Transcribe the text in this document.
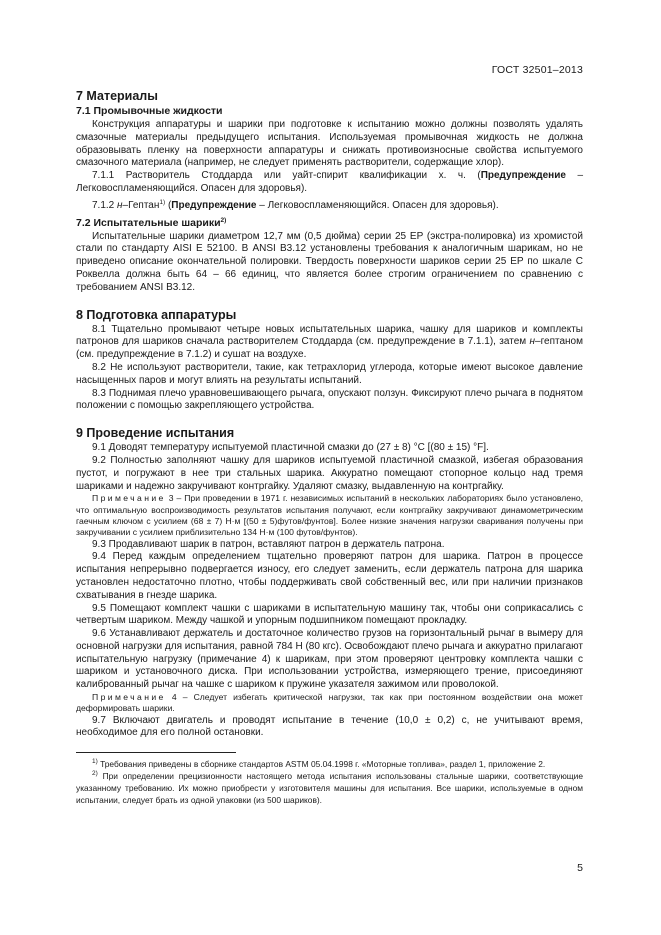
ГОСТ 32501–2013
7 Материалы
7.1 Промывочные жидкости

Конструкция аппаратуры и шарики при подготовке к испытанию можно должны позволять удалять смазочные материалы предыдущего испытания. Используемая промывочная жидкость не должна образовывать пленку на поверхности аппаратуры и снижать противоизносные свойства испытуемого смазочного материала (например, не следует применять растворители, содержащие хлор).

7.1.1 Растворитель Стоддарда или уайт-спирит квалификации х. ч. (Предупреждение – Легковоспламеняющийся. Опасен для здоровья).

7.1.2 н–Гептан$^{1)}$ (Предупреждение – Легковоспламеняющийся. Опасен для здоровья).

7.2 Испытательные шарики$^{2)}$

Испытательные шарики диаметром 12,7 мм (0,5 дюйма) серии 25 EP (экстра-полировка) из хромистой стали по стандарту AISI E 52100. В ANSI B3.12 установлены требования к аналогичным шарикам, но не приведено описание окончательной полировки. Твердость поверхности шариков серии 25 EP по шкале С Роквелла должна быть 64 – 66 единиц, что является более строгим ограничением по сравнению с требованием ANSI B3.12.

8 Подготовка аппаратуры

8.1 Тщательно промывают четыре новых испытательных шарика, чашку для шариков и комплекты патронов для шариков сначала растворителем Стоддарда (см. предупреждение в 7.1.1), затем н–гептаном (см. предупреждение в 7.1.2) и сушат на воздухе.

8.2 Не используют растворители, такие, как тетрахлорид углерода, которые имеют высокое давление насыщенных паров и могут влиять на результаты испытаний.

8.3 Поднимая плечо уравновешивающего рычага, опускают ползун. Фиксируют плечо рычага в поднятом положении с помощью закрепляющего устройства.

9 Проведение испытания

9.1 Доводят температуру испытуемой пластичной смазки до (27 ± 8) °С [(80 ± 15) °F].

9.2 Полностью заполняют чашку для шариков испытуемой пластичной смазкой, избегая образования пустот, и погружают в нее три стальных шарика. Аккуратно помещают стопорное кольцо над тремя шариками и надежно закручивают контргайку. Удаляют смазку, выдавленную на контргайку.

Примечание 3 – При проведении в 1971 г. независимых испытаний в нескольких лабораториях было установлено, что оптимальную воспроизводимость результатов испытания получают, если контргайку закручивают динамометрическим гаечным ключом с усилием (68 ± 7) Н·м [(50 ± 5)футов/фунтов]. Более низкие значения нагрузки сваривания получены при закручивании с усилием приблизительно 134 Н·м (100 футов/фунтов).

9.3 Продавливают шарик в патрон, вставляют патрон в держатель патрона.

9.4 Перед каждым определением тщательно проверяют патрон для шарика. Патрон в процессе испытания непрерывно подвергается износу, его следует заменить, если держатель патрона для шарика установлен недостаточно плотно, чтобы поддерживать свой собственный вес, или при наличии признаков схватывания в гнезде шарика.

9.5 Помещают комплект чашки с шариками в испытательную машину так, чтобы они соприкасались с четвертым шариком. Между чашкой и упорным подшипником помещают прокладку.

9.6 Устанавливают держатель и достаточное количество грузов на горизонтальный рычаг в вымеру для основной нагрузки для испытания, равной 784 Н (80 кгс). Освобождают плечо рычага и аккуратно прилагают испытательную нагрузку (примечание 4) к шарикам, при этом проверяют центровку комплекта чашки с шариком и установочного диска. При использовании устройства, измеряющего трение, присоединяют калиброванный рычаг на чашке с шариком к пружине указателя зажимом или проволокой.

Примечание 4 – Следует избегать критической нагрузки, так как при постоянном воздействии она может деформировать шарики.

9.7 Включают двигатель и проводят испытание в течение (10,0 ± 0,2) с, не учитывают время, необходимое для его полной остановки.

$^{1)}$ Требования приведены в сборнике стандартов ASTM 05.04.1998 г. «Моторные топлива», раздел 1, приложение 2.

$^{2)}$ При определении прецизионности настоящего метода испытания использованы стальные шарики, соответствующие указанному требованию. Их можно приобрести у изготовителя машины для испытания. Все шарики, используемые в одном испытании, следует брать из одной упаковки (из 500 шариков).

5
